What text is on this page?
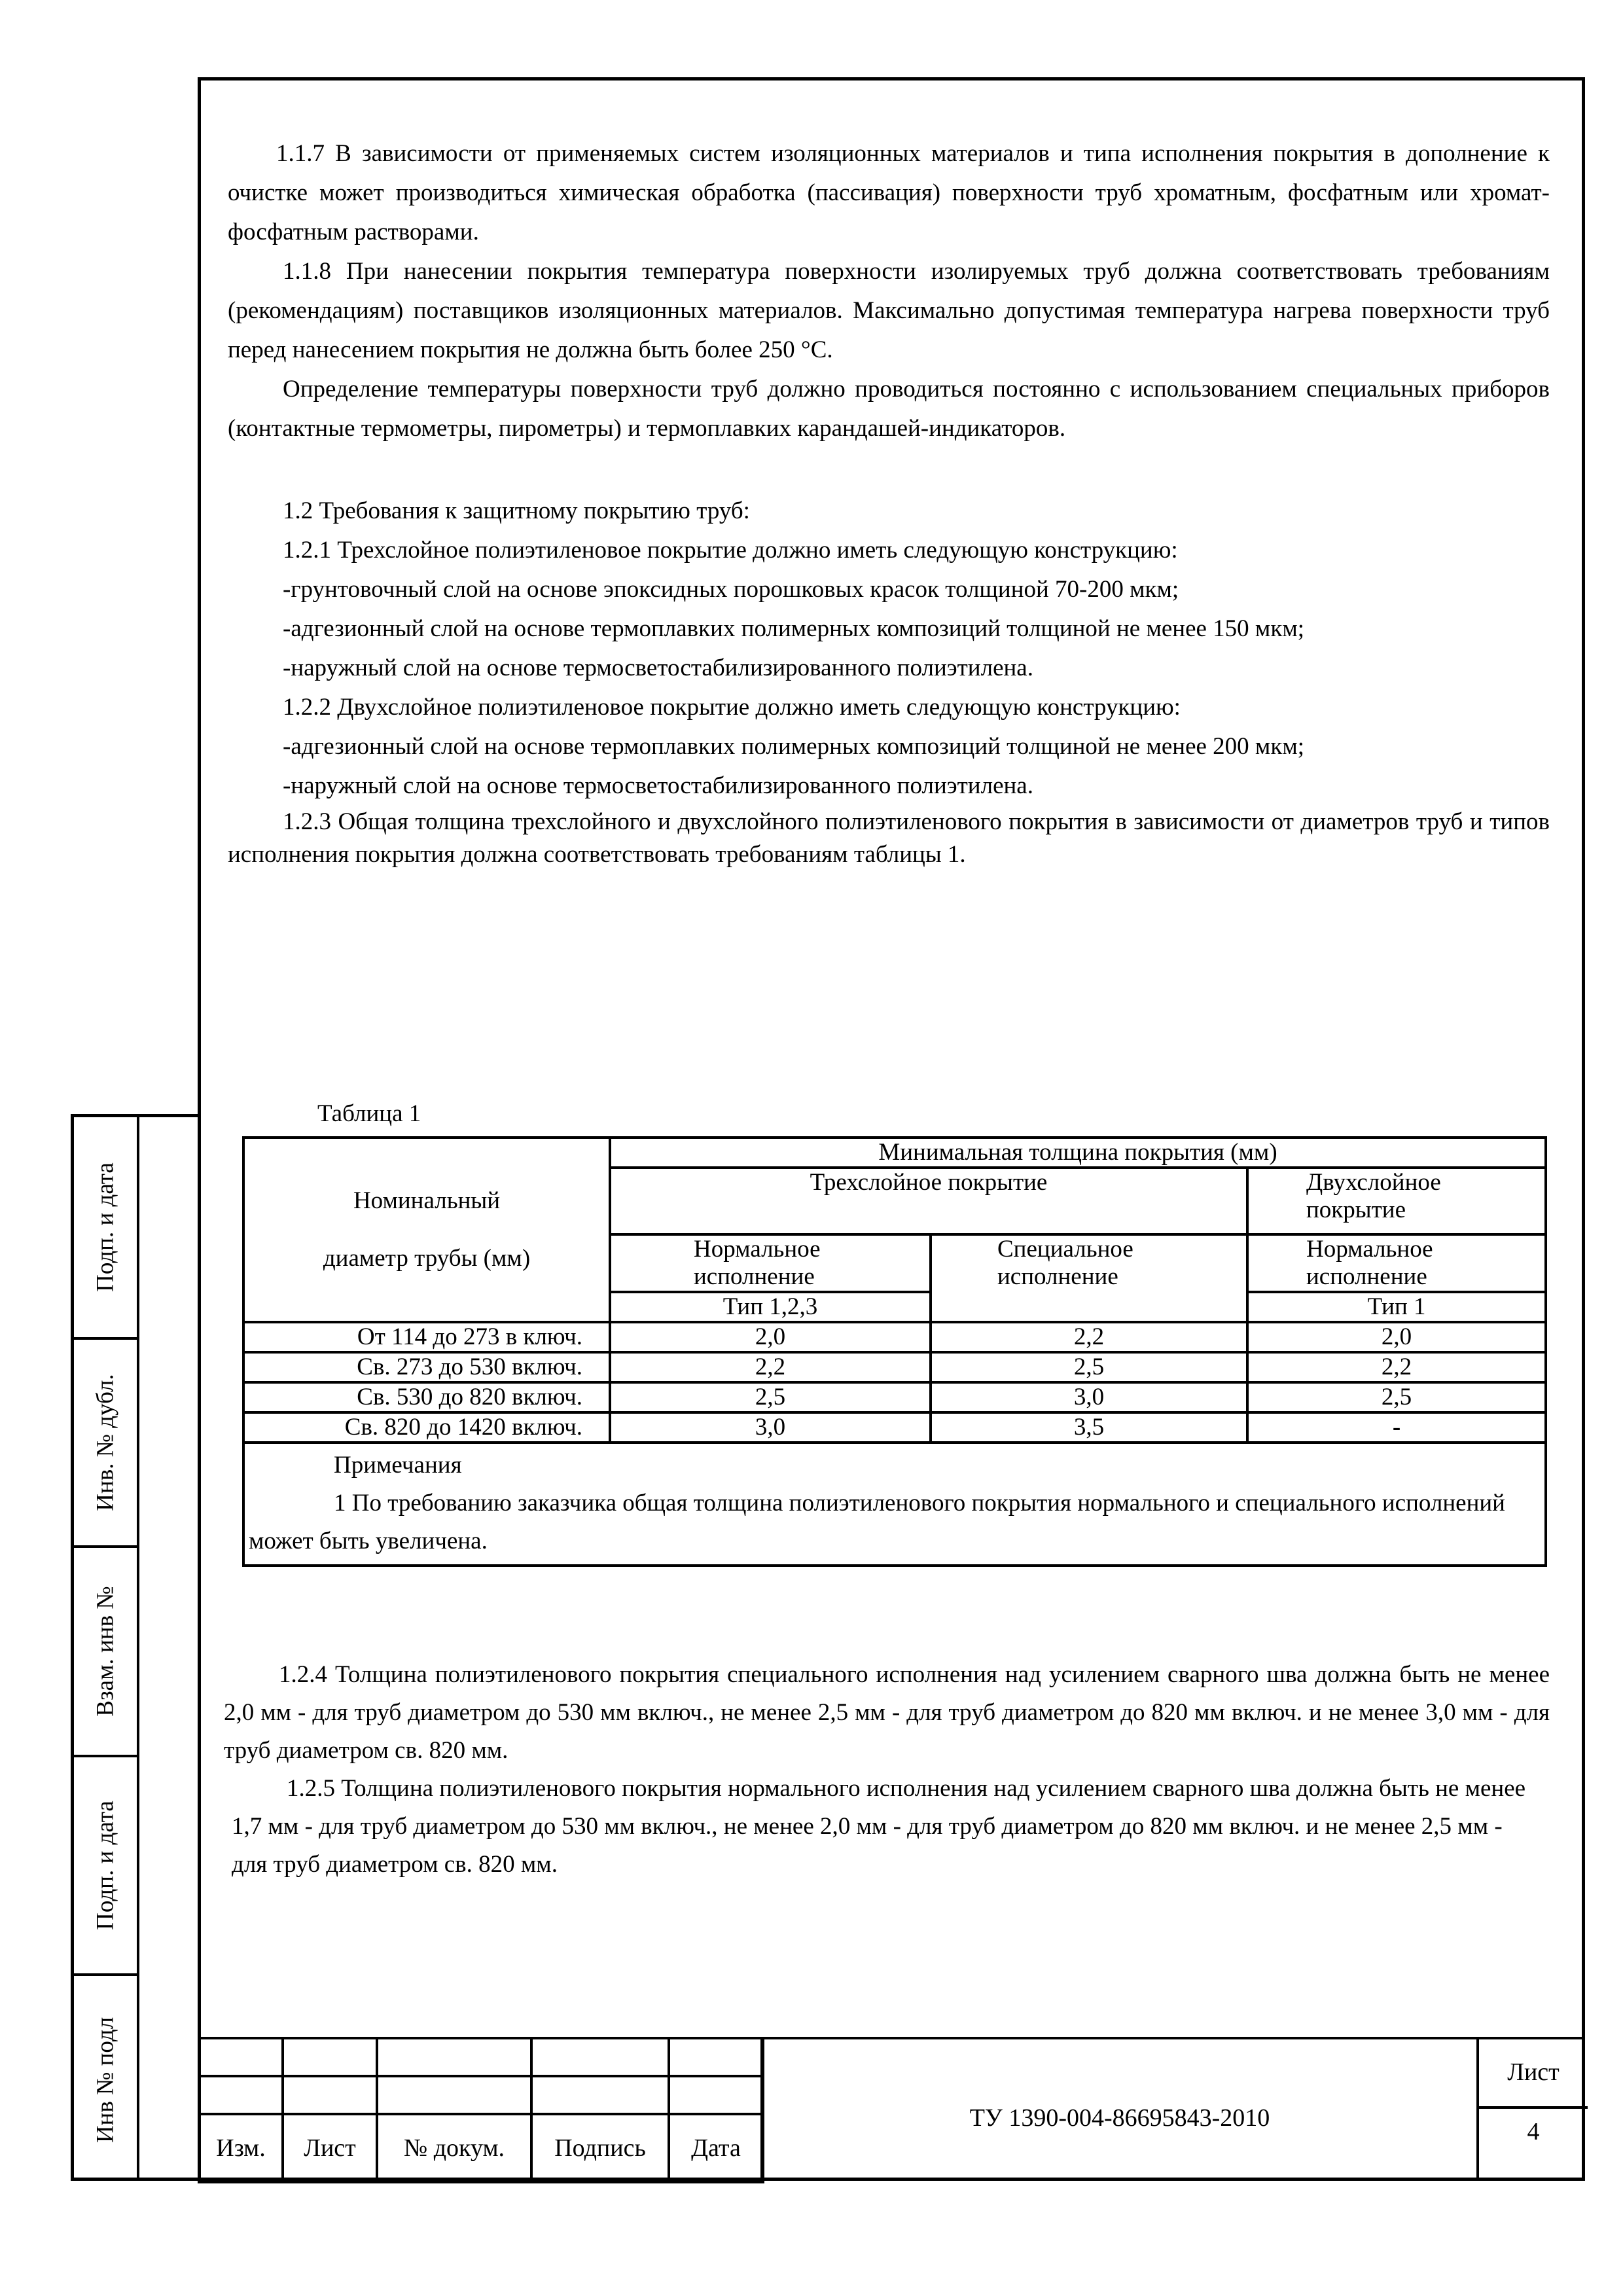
1.1.7 В зависимости от применяемых систем изоляционных материалов и типа исполнения покрытия в дополнение к очистке может производиться химическая обработка (пассивация) поверхности труб хроматным, фосфатным или хромат-фосфатным растворами.

1.1.8 При нанесении покрытия температура поверхности изолируемых труб должна соответствовать требованиям (рекомендациям) поставщиков изоляционных материалов. Максимально допустимая температура нагрева поверхности труб перед нанесением покрытия не должна быть более 250 °С.

Определение температуры поверхности труб должно проводиться постоянно с использованием специальных приборов (контактные термометры, пирометры) и термоплавких карандашей-индикаторов.

1.2 Требования к защитному покрытию труб:

1.2.1 Трехслойное полиэтиленовое покрытие должно иметь следующую конструкцию:

-грунтовочный слой на основе эпоксидных порошковых красок толщиной 70-200 мкм;

-адгезионный слой на основе термоплавких полимерных композиций толщиной не менее 150 мкм;

-наружный слой на основе термосветостабилизированного полиэтилена.

1.2.2 Двухслойное полиэтиленовое покрытие должно иметь следующую конструкцию:

-адгезионный слой на основе термоплавких полимерных композиций толщиной не менее 200 мкм;

-наружный слой на основе термосветостабилизированного полиэтилена.

1.2.3 Общая толщина трехслойного и двухслойного полиэтиленового покрытия в зависимости от диаметров труб и типов исполнения покрытия должна соответствовать требованиям таблицы 1.

Таблица 1
Номинальный
диаметр трубы (мм)	Минимальная толщина покрытия (мм)		
	Трехслойное покрытие		Двухслойное покрытие
	Нормальное исполнение	Специальное исполнение	Нормальное исполнение
	Тип 1,2,3		Тип 1
От 114 до 273 в ключ.	2,0	2,2	2,0
Св. 273 до 530 включ.	2,2	2,5	2,2
Св. 530 до 820 включ.	2,5	3,0	2,5
Св. 820 до 1420 включ.	3,0	3,5	-

Примечания
1 По требованию заказчика общая толщина полиэтиленового покрытия нормального и специального исполнений может быть увеличена.			

1.2.4 Толщина полиэтиленового покрытия специального исполнения над усилением сварного шва должна быть не менее 2,0 мм - для труб диаметром до 530 мм включ., не менее 2,5 мм - для труб диаметром до 820 мм включ. и не менее 3,0 мм - для труб диаметром св. 820 мм.

1.2.5 Толщина полиэтиленового покрытия нормального исполнения над усилением сварного шва должна быть не менее 1,7 мм - для труб диаметром до 530 мм включ., не менее 2,0 мм - для труб диаметром до 820 мм включ. и не менее 2,5 мм - для труб диаметром св. 820 мм.

Подп. и дата
Инв. № дубл.
Взам. инв №
Подп. и дата
Инв № подл

Изм.	Лист	№ докум.	Подпись	Дата
ТУ 1390-004-86695843-2010
Лист
4
